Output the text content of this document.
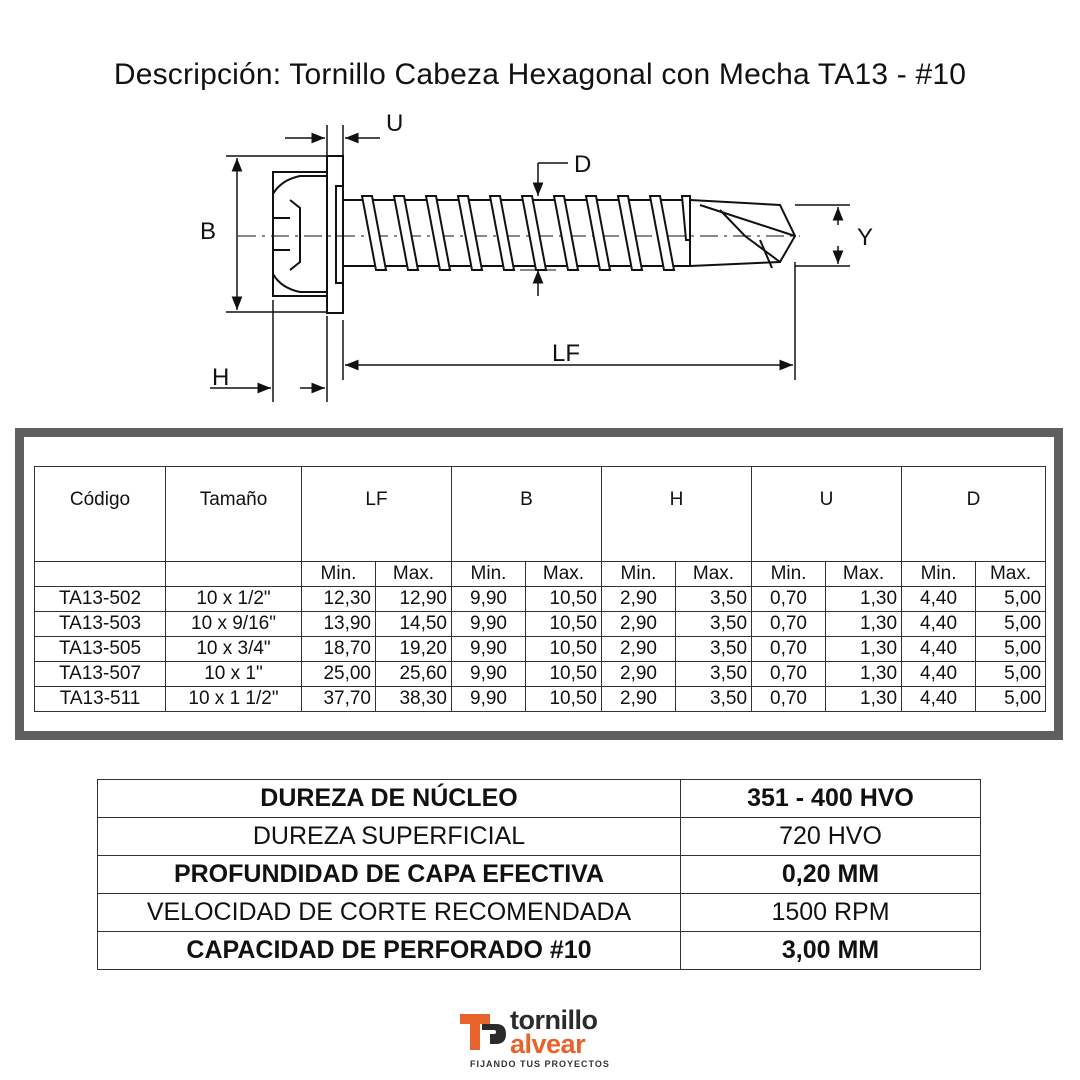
Descripción: Tornillo Cabeza Hexagonal con Mecha TA13 - #10
U
D
B	Y
LF
H
Código	Tamaño	LF		B		H		U		D	
		Min.	Max.	Min.	Max.	Min.	Max.	Min.	Max.	Min.	Max.
TA13-502	10 x 1/2"	12,30	12,90	9,90	10,50	2,90	3,50	0,70	1,30	4,40	5,00
TA13-503	10 x 9/16"	13,90	14,50	9,90	10,50	2,90	3,50	0,70	1,30	4,40	5,00
TA13-505	10 x 3/4"	18,70	19,20	9,90	10,50	2,90	3,50	0,70	1,30	4,40	5,00
TA13-507	10 x 1"	25,00	25,60	9,90	10,50	2,90	3,50	0,70	1,30	4,40	5,00
TA13-511	10 x 1 1/2"	37,70	38,30	9,90	10,50	2,90	3,50	0,70	1,30	4,40	5,00
DUREZA DE NÚCLEO	351 - 400 HVO
DUREZA SUPERFICIAL	720 HVO
PROFUNDIDAD DE CAPA EFECTIVA	0,20 MM
VELOCIDAD DE CORTE RECOMENDADA	1500 RPM
CAPACIDAD DE PERFORADO #10	3,00 MM
tornillo
alvear
FIJANDO TUS PROYECTOS
